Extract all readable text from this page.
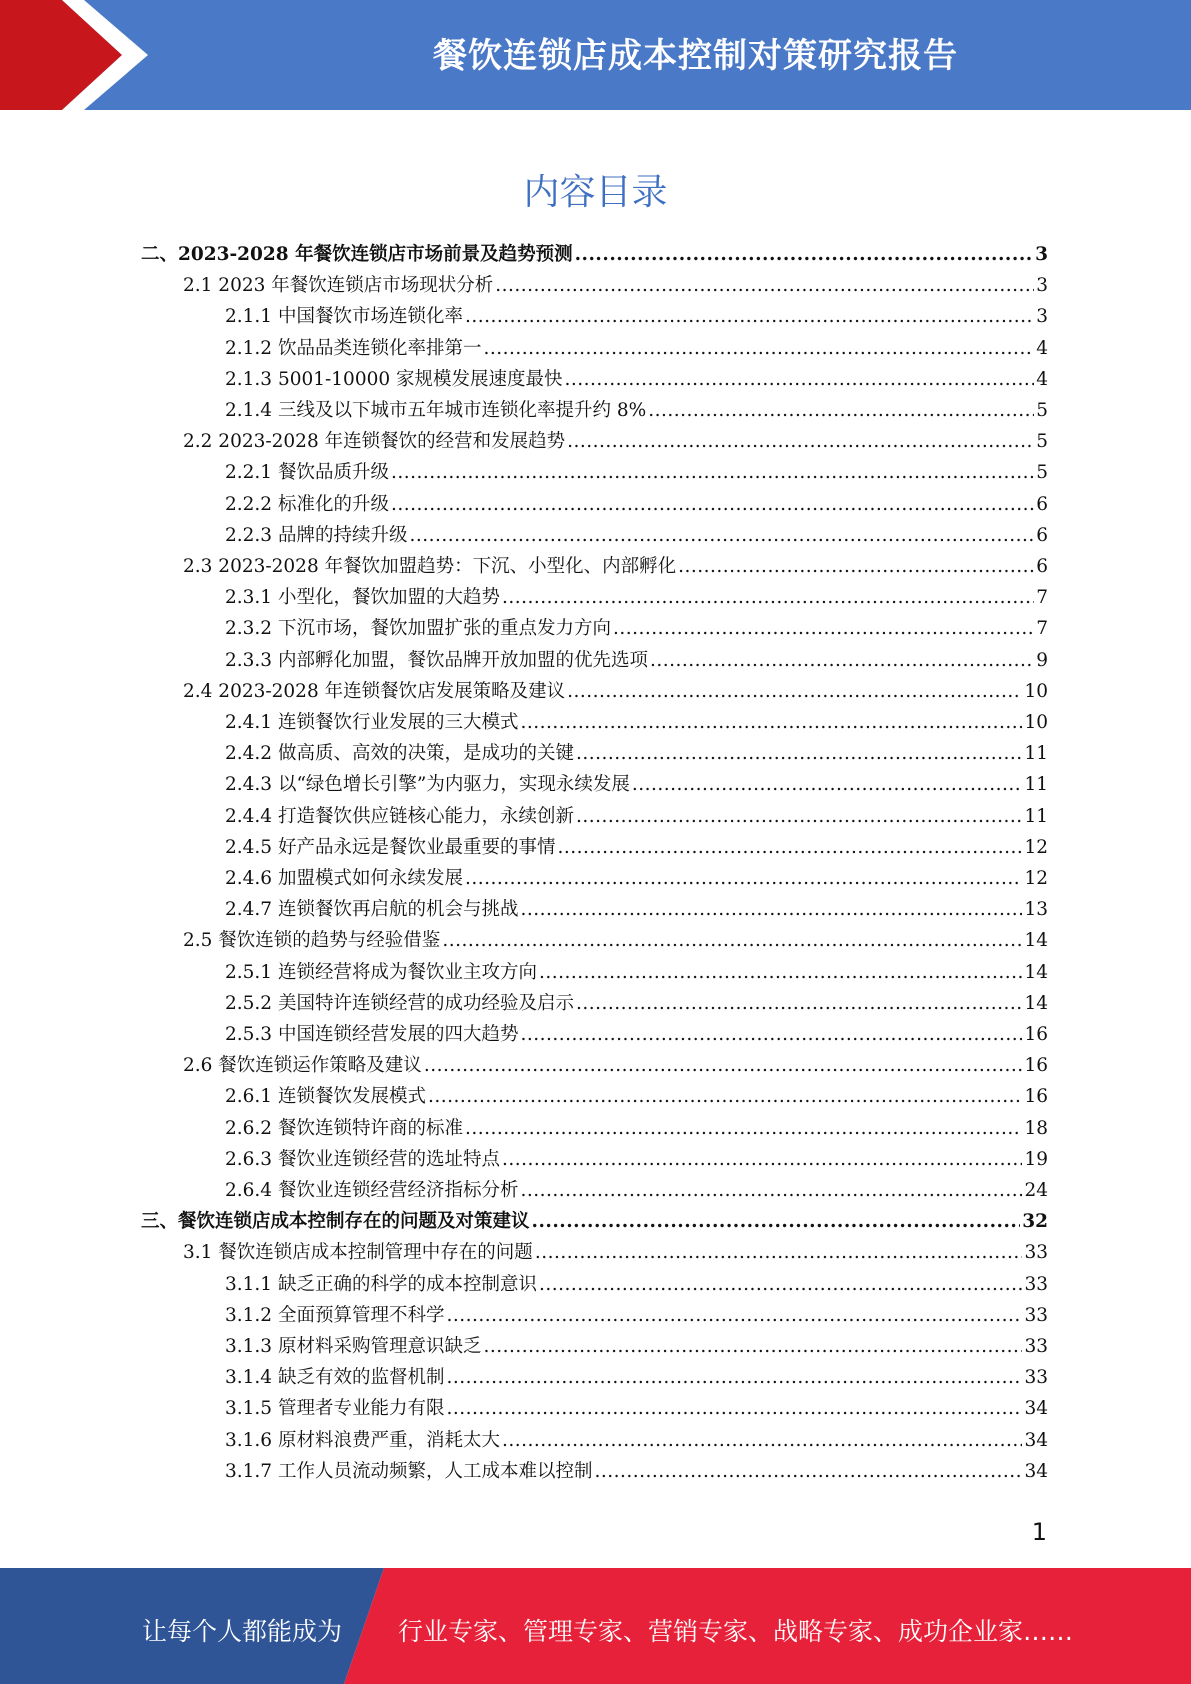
餐饮连锁店成本控制对策研究报告
内容目录
二、2023-2028 年餐饮连锁店市场前景及趋势预测 .....	3
2.1 2023 年餐饮连锁店市场现状分析 .....	3
2.1.1 中国餐饮市场连锁化率 .....	3
2.1.2 饮品品类连锁化率排第一 .....	4
2.1.3 5001-10000 家规模发展速度最快 .....	4
2.1.4 三线及以下城市五年城市连锁化率提升约 8% .....	5
2.2 2023-2028 年连锁餐饮的经营和发展趋势 .....	5
2.2.1 餐饮品质升级 .....	5
2.2.2 标准化的升级 .....	6
2.2.3 品牌的持续升级 .....	6
2.3 2023-2028 年餐饮加盟趋势：下沉、小型化、内部孵化 .....	6
2.3.1 小型化，餐饮加盟的大趋势 .....	7
2.3.2 下沉市场，餐饮加盟扩张的重点发力方向 .....	7
2.3.3 内部孵化加盟，餐饮品牌开放加盟的优先选项 .....	9
2.4 2023-2028 年连锁餐饮店发展策略及建议 .....	10
2.4.1 连锁餐饮行业发展的三大模式 .....	10
2.4.2 做高质、高效的决策，是成功的关键 .....	11
2.4.3 以“绿色增长引擎”为内驱力，实现永续发展 .....	11
2.4.4 打造餐饮供应链核心能力，永续创新 .....	11
2.4.5 好产品永远是餐饮业最重要的事情 .....	12
2.4.6 加盟模式如何永续发展 .....	12
2.4.7 连锁餐饮再启航的机会与挑战 .....	13
2.5 餐饮连锁的趋势与经验借鉴 .....	14
2.5.1 连锁经营将成为餐饮业主攻方向 .....	14
2.5.2 美国特许连锁经营的成功经验及启示 .....	14
2.5.3 中国连锁经营发展的四大趋势 .....	16
2.6 餐饮连锁运作策略及建议 .....	16
2.6.1 连锁餐饮发展模式 .....	16
2.6.2 餐饮连锁特许商的标准 .....	18
2.6.3 餐饮业连锁经营的选址特点 .....	19
2.6.4 餐饮业连锁经营经济指标分析 .....	24
三、餐饮连锁店成本控制存在的问题及对策建议 .....	32
3.1 餐饮连锁店成本控制管理中存在的问题 .....	33
3.1.1 缺乏正确的科学的成本控制意识 .....	33
3.1.2 全面预算管理不科学 .....	33
3.1.3 原材料采购管理意识缺乏 .....	33
3.1.4 缺乏有效的监督机制 .....	33
3.1.5 管理者专业能力有限 .....	34
3.1.6 原材料浪费严重，消耗太大 .....	34
3.1.7 工作人员流动频繁，人工成本难以控制 .....	34
1
让每个人都能成为 行业专家、管理专家、营销专家、战略专家、成功企业家……
